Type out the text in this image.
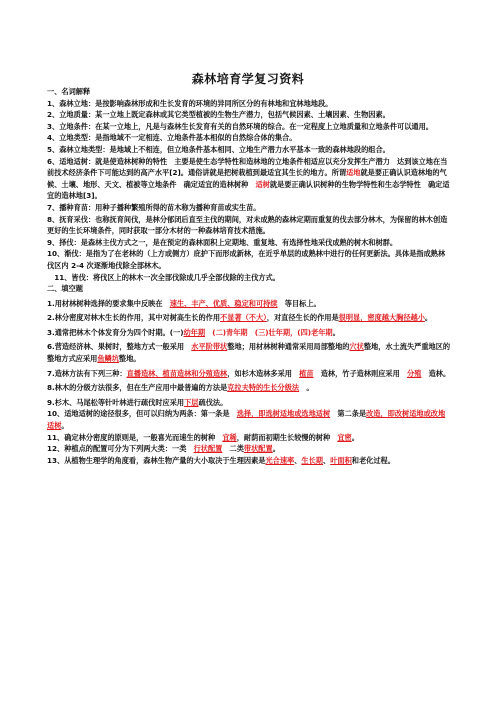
森林培育学复习资料

一、名词解释

1、森林立地：是按影响森林形成和生长发育的环境的异同所区分的有林地和宜林地地段。

2、立地质量：某一立地上既定森林或其它类型植被的生物生产潜力，包括气候因素、土壤因素、生物因素。

3、立地条件：在某一立地上，凡是与森林生长发育有关的自然环境的综合。在一定程度上立地质量和立地条件可以通用。

4、立地类型：是指地域不一定相连、立地条件基本相似的自然综合体的集合。

5、森林立地类型：是地域上不相连，但立地条件基本相同、立地生产潜力水平基本一致的森林地段的组合。

6、适地适树：就是使造林树种的特性　主要是使生态学特性和造林地的立地条件相适应以充分发挥生产潜力　达到该立地在当前技术经济条件下可能达到的高产水平[2]。通俗讲就是把树栽植到最适宜其生长的地方。所谓适地就是要正确认识造林地的气候、土壤、地形、天文、植被等立地条件　确定适宜的造林树种　适树就是要正确认识树种的生物学特性和生态学特性　确定适宜的造林地[3]。

7、播种育苗：用种子播种繁殖所得的苗木称为播种育苗或实生苗。

8、抚育采伐：也称抚育间伐，是林分郁闭后直至主伐的期间，对未成熟的森林定期而重复的伐去部分林木，为保留的林木创造更好的生长环境条件，同时获取一部分木材的一种森林培育技术措施。

9、择伐：是森林主伐方式之一，是在预定的森林面积上定期地、重复地、有选择性地采伐成熟的树木和树群。

10、渐伐：是指为了在老林的（上方或侧方）庇护下而形成新林，在近乎单层的成熟林中进行的任何更新法。具体是指成熟林伐区内 2-4 次逐渐地伐除全部林木。

　11、皆伐：将伐区上的林木一次全部伐除成几乎全部伐除的主伐方式。

二、填空题

1.用材林树种选择的要求集中反映在　速生、丰产、优质、稳定和可持续　等目标上。

2.林分密度对林木生长的作用，其中对树高生长的作用不显著（不大），对直径生长的作用是很明显，密度越大胸径越小。

3.通常把林木个体发育分为四个时期。(一)幼年期　 (二)青年期　(三)壮年期，(四)老年期。

6.营造经济林、果树时，整地方式一般采用　水平阶带状整地；用材林树种通常采用局部整地的穴状整地，水土流失严重地区的整地方式应采用鱼鳞坑整地。

7.造林方法有下列三种：直播造林、植苗造林和分殖造林，如杉木造林多采用　植苗　造林，竹子造林则应采用　分殖　造林。

8.林木的分级方法很多，但在生产应用中最普遍的方法是克拉夫特的生长分级法　。

9.杉木、马尾松等针叶林进行疏伐时应采用下层疏伐法。

10、适地适树的途径很多，但可以归纳为两条：第一条是　选择，即选树适地或选地适树　第二条是改造，即改树适地或改地适树。

11、确定林分密度的原则是，一般喜光而速生的树种　宜稀，耐荫而初期生长较慢的树种　宜密。

12、种植点的配置可分为下列两大类：一类　行状配置　二类带状配置。

13、从植物生理学的角度看，森林生物产量的大小取决于生理因素是光合速率、生长期、叶面积和老化过程。
